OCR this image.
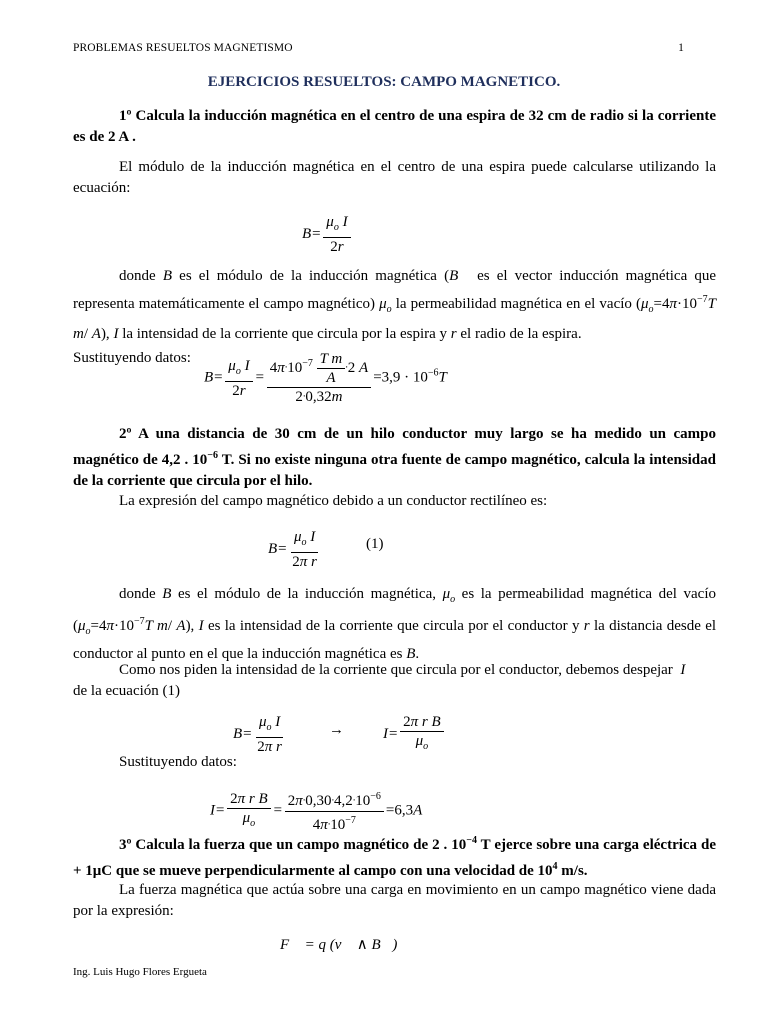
PROBLEMAS RESUELTOS MAGNETISMO	1
EJERCICIOS RESUELTOS: CAMPO MAGNETICO.
1º Calcula la inducción magnética en el centro de una espira de 32 cm de radio si la corriente es de 2 A .
El módulo de la inducción magnética en el centro de una espira puede calcularse utilizando la ecuación:
$B= \frac{\mu_o I}{2r}$
donde B es el módulo de la inducción magnética (B⃗ es el vector inducción magnética que representa matemáticamente el campo magnético) $\mu_o$ la permeabilidad magnética en el vacío ($\mu_o=4\pi\cdot 10^{-7}T$ m/ A), I la intensidad de la corriente que circula por la espira y r el radio de la espira.
Sustituyendo datos:
$B= \frac{\mu_o I}{2r} = \frac{4\pi\cdot 10^{-7} \frac{\text{T m}}{A} \cdot 2 A}{2\cdot 0,32m} =3,9 \cdot 10^{-6}T$
2º A una distancia de 30 cm de un hilo conductor muy largo se ha medido un campo magnético de 4,2 . $10^{-6}$ T. Si no existe ninguna otra fuente de campo magnético, calcula la intensidad de la corriente que circula por el hilo.
La expresión del campo magnético debido a un conductor rectilíneo es:
$B= \frac{\mu_o I}{\text{2π r}}$	(1)
donde B es el módulo de la inducción magnética, $\mu_o$ es la permeabilidad magnética del vacío ($\mu_o=4\pi\cdot 10^{-7}T$ m/ A), I es la intensidad de la corriente que circula por el conductor y r la distancia desde el conductor al punto en el que la inducción magnética es B.
Como nos piden la intensidad de la corriente que circula por el conductor, debemos despejar I
de la ecuación (1)
$B= \frac{\mu_o I}{\text{2π r}}$	→	$I= \frac{\text{2π r B}}{\mu_o}$
Sustituyendo datos:
$I= \frac{\text{2π r B}}{\mu_o} = \frac{2\pi\cdot 0,30\cdot 4,2\cdot 10^{-6}}{4\pi\cdot 10^{-7}} =6,3A$
3º Calcula la fuerza que un campo magnético de 2 . $10^{-4}$ T ejerce sobre una carga eléctrica de + 1μC que se mueve perpendicularmente al campo con una velocidad de $10^4$ m/s.
La fuerza magnética que actúa sobre una carga en movimiento en un campo magnético viene dada por la expresión:
F⃗ = q (v⃗ ∧ B⃗)
Ing. Luis Hugo Flores Ergueta
